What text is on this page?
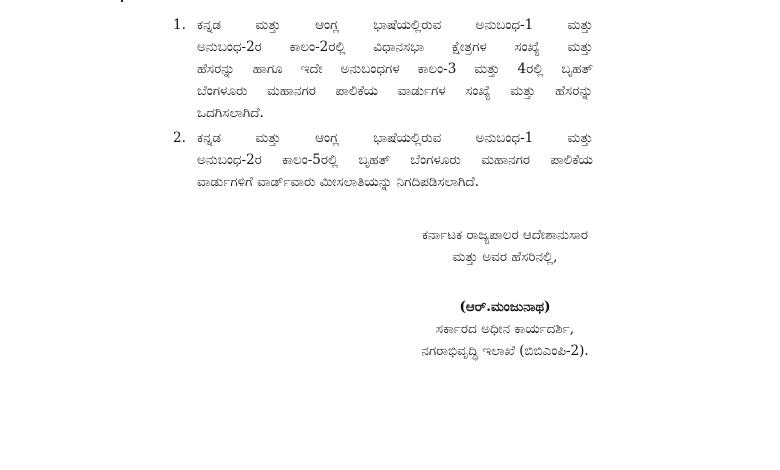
1. ಕನ್ನಡ ಮತ್ತು ಆಂಗ್ಲ ಭಾಷೆಯಲ್ಲಿರುವ ಅನುಬಂಧ-1 ಮತ್ತು
ಅನುಬಂಧ-2ರ ಕಾಲಂ-2ರಲ್ಲಿ ವಿಧಾನಸಭಾ ಕ್ಷೇತ್ರಗಳ ಸಂಖ್ಯೆ ಮತ್ತು
ಹೆಸರನ್ನು ಹಾಗೂ ಇದೇ ಅನುಬಂಧಗಳ ಕಾಲಂ-3 ಮತ್ತು 4ರಲ್ಲಿ ಬೃಹತ್
ಬೆಂಗಳೂರು ಮಹಾನಗರ ಪಾಲಿಕೆಯ ವಾರ್ಡುಗಳ ಸಂಖ್ಯೆ ಮತ್ತು ಹೆಸರನ್ನು
ಒದಗಿಸಲಾಗಿದೆ.
2. ಕನ್ನಡ ಮತ್ತು ಆಂಗ್ಲ ಭಾಷೆಯಲ್ಲಿರುವ ಅನುಬಂಧ-1 ಮತ್ತು
ಅನುಬಂಧ-2ರ ಕಾಲಂ-5ರಲ್ಲಿ ಬೃಹತ್ ಬೆಂಗಳೂರು ಮಹಾನಗರ ಪಾಲಿಕೆಯ
ವಾರ್ಡುಗಳಿಗೆ ವಾರ್ಡ್‌ವಾರು ಮೀಸಲಾತಿಯನ್ನು ನಿಗದಿಪಡಿಸಲಾಗಿದೆ.
ಕರ್ನಾಟಕ ರಾಜ್ಯಪಾಲರ ಆದೇಶಾನುಸಾರ
ಮತ್ತು ಅವರ ಹೆಸರಿನಲ್ಲಿ,
(ಆರ್.ಮಂಜುನಾಥ)
ಸರ್ಕಾರದ ಅಧೀನ ಕಾರ್ಯದರ್ಶಿ,
ನಗರಾಭಿವೃದ್ಧಿ ಇಲಾಖೆ (ಬಿಬಿಎಂಪಿ-2).
